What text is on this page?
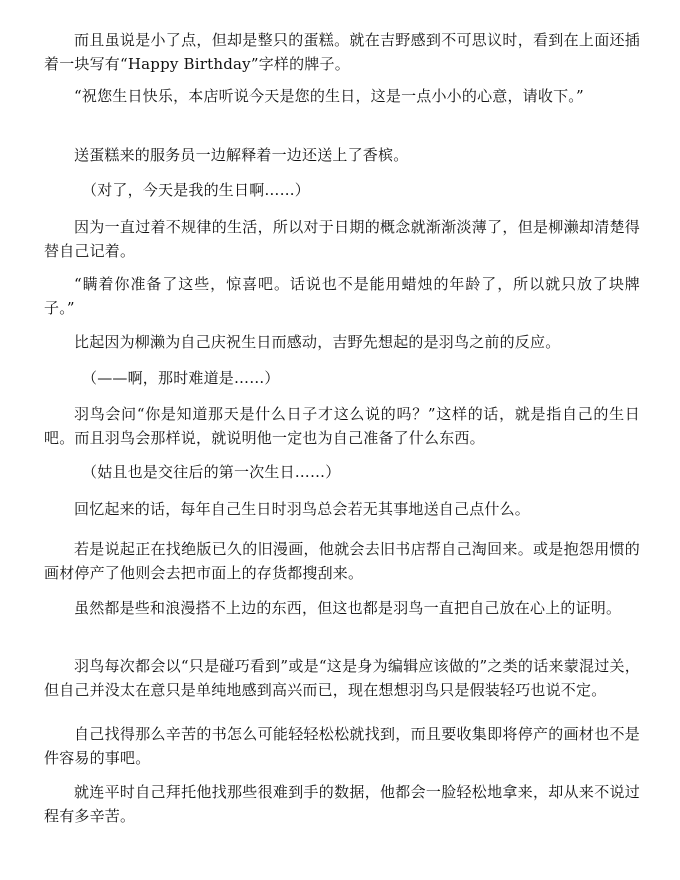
而且虽说是小了点，但却是整只的蛋糕。就在吉野感到不可思议时，看到在上面还插着一块写有“Happy Birthday”字样的牌子。

“祝您生日快乐，本店听说今天是您的生日，这是一点小小的心意，请收下。”

送蛋糕来的服务员一边解释着一边还送上了香槟。

（对了，今天是我的生日啊……）

因为一直过着不规律的生活，所以对于日期的概念就渐渐淡薄了，但是柳濑却清楚得替自己记着。

“瞒着你准备了这些，惊喜吧。话说也不是能用蜡烛的年龄了，所以就只放了块牌子。”

比起因为柳濑为自己庆祝生日而感动，吉野先想起的是羽鸟之前的反应。

（——啊，那时难道是……）

羽鸟会问“你是知道那天是什么日子才这么说的吗？”这样的话，就是指自己的生日吧。而且羽鸟会那样说，就说明他一定也为自己准备了什么东西。

（姑且也是交往后的第一次生日……）

回忆起来的话，每年自己生日时羽鸟总会若无其事地送自己点什么。

若是说起正在找绝版已久的旧漫画，他就会去旧书店帮自己淘回来。或是抱怨用惯的画材停产了他则会去把市面上的存货都搜刮来。

虽然都是些和浪漫搭不上边的东西，但这也都是羽鸟一直把自己放在心上的证明。

羽鸟每次都会以“只是碰巧看到”或是“这是身为编辑应该做的”之类的话来蒙混过关，但自己并没太在意只是单纯地感到高兴而已，现在想想羽鸟只是假装轻巧也说不定。

自己找得那么辛苦的书怎么可能轻轻松松就找到，而且要收集即将停产的画材也不是件容易的事吧。

就连平时自己拜托他找那些很难到手的数据，他都会一脸轻松地拿来，却从来不说过程有多辛苦。
